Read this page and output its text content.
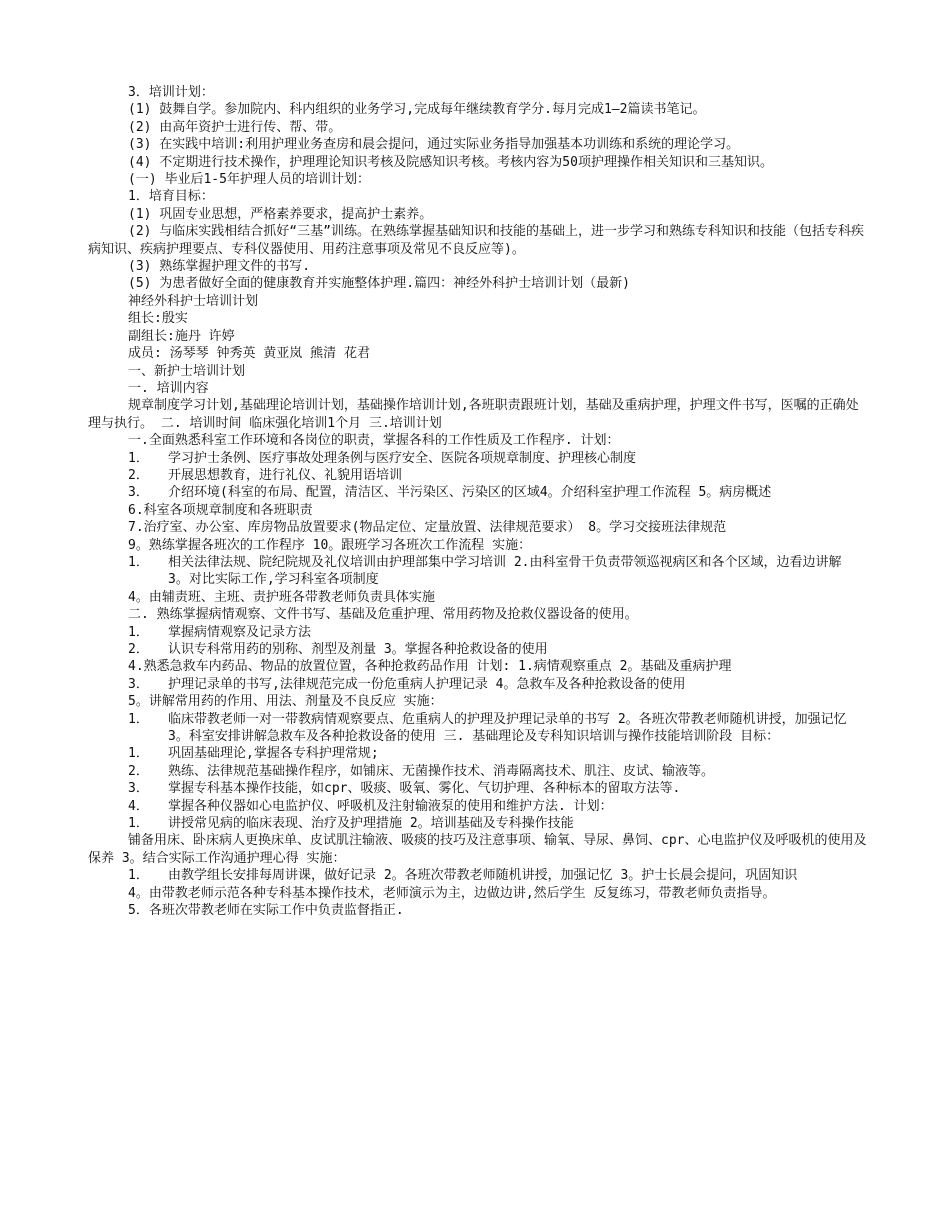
3．培训计划：

(1) 鼓舞自学。参加院内、科内组织的业务学习,完成每年继续教育学分.每月完成1—2篇读书笔记。

(2) 由高年资护士进行传、帮、带。

(3) 在实践中培训:利用护理业务查房和晨会提问，通过实际业务指导加强基本功训练和系统的理论学习。

(4) 不定期进行技术操作，护理理论知识考核及院感知识考核。考核内容为50项护理操作相关知识和三基知识。

(一) 毕业后1-5年护理人员的培训计划：

1．培育目标：

(1) 巩固专业思想，严格素养要求，提高护士素养。

(2) 与临床实践相结合抓好“三基”训练。在熟练掌握基础知识和技能的基础上，进一步学习和熟练专科知识和技能（包括专科疾病知识、疾病护理要点、专科仪器使用、用药注意事项及常见不良反应等)。

(3) 熟练掌握护理文件的书写.

(5) 为患者做好全面的健康教育并实施整体护理.篇四：神经外科护士培训计划（最新)

神经外科护士培训计划

组长:殷实

副组长:施丹 许婷

成员: 汤琴琴 钟秀英 黄亚岚 熊清 花君

一、新护士培训计划

一. 培训内容

规章制度学习计划,基础理论培训计划，基础操作培训计划,各班职责跟班计划，基础及重病护理，护理文件书写，医嘱的正确处理与执行。 二. 培训时间 临床强化培训1个月 三.培训计划

一.全面熟悉科室工作环境和各岗位的职责，掌握各科的工作性质及工作程序. 计划：

1．	学习护士条例、医疗事故处理条例与医疗安全、医院各项规章制度、护理核心制度
2．	开展思想教育，进行礼仪、礼貌用语培训
3．	介绍环境(科室的布局、配置，清洁区、半污染区、污染区的区域4。介绍科室护理工作流程 5。病房概述

6.科室各项规章制度和各班职责

7.治疗室、办公室、库房物品放置要求(物品定位、定量放置、法律规范要求） 8。学习交接班法律规范

9。熟练掌握各班次的工作程序 10。跟班学习各班次工作流程 实施：

1．	相关法律法规、院纪院规及礼仪培训由护理部集中学习培训 2.由科室骨干负责带领巡视病区和各个区域，边看边讲解 3。对比实际工作,学习科室各项制度

4。由辅责班、主班、责护班各带教老师负责具体实施

二. 熟练掌握病情观察、文件书写、基础及危重护理、常用药物及抢救仪器设备的使用。

1．	掌握病情观察及记录方法
2．	认识专科常用药的别称、剂型及剂量 3。掌握各种抢救设备的使用

4.熟悉急救车内药品、物品的放置位置，各种抢救药品作用 计划: 1.病情观察重点 2。基础及重病护理

3．	护理记录单的书写,法律规范完成一份危重病人护理记录 4。急救车及各种抢救设备的使用

5。讲解常用药的作用、用法、剂量及不良反应 实施：

1．	临床带教老师一对一带教病情观察要点、危重病人的护理及护理记录单的书写 2。各班次带教老师随机讲授，加强记忆 3。科室安排讲解急救车及各种抢救设备的使用 三. 基础理论及专科知识培训与操作技能培训阶段 目标：
1．	巩固基础理论,掌握各专科护理常规;
2．	熟练、法律规范基础操作程序，如铺床、无菌操作技术、消毒隔离技术、肌注、皮试、输液等。
3．	掌握专科基本操作技能，如cpr、吸痰、吸氧、雾化、气切护理、各种标本的留取方法等.
4．	掌握各种仪器如心电监护仪、呼吸机及注射输液泵的使用和维护方法. 计划：
1．	讲授常见病的临床表现、治疗及护理措施 2。培训基础及专科操作技能

铺备用床、卧床病人更换床单、皮试肌注输液、吸痰的技巧及注意事项、输氧、导尿、鼻饲、cpr、心电监护仪及呼吸机的使用及保养 3。结合实际工作沟通护理心得 实施：

1．	由教学组长安排每周讲课，做好记录 2。各班次带教老师随机讲授，加强记忆 3。护士长晨会提问，巩固知识

4。由带教老师示范各种专科基本操作技术，老师演示为主，边做边讲,然后学生 反复练习，带教老师负责指导。

5．各班次带教老师在实际工作中负责监督指正.
